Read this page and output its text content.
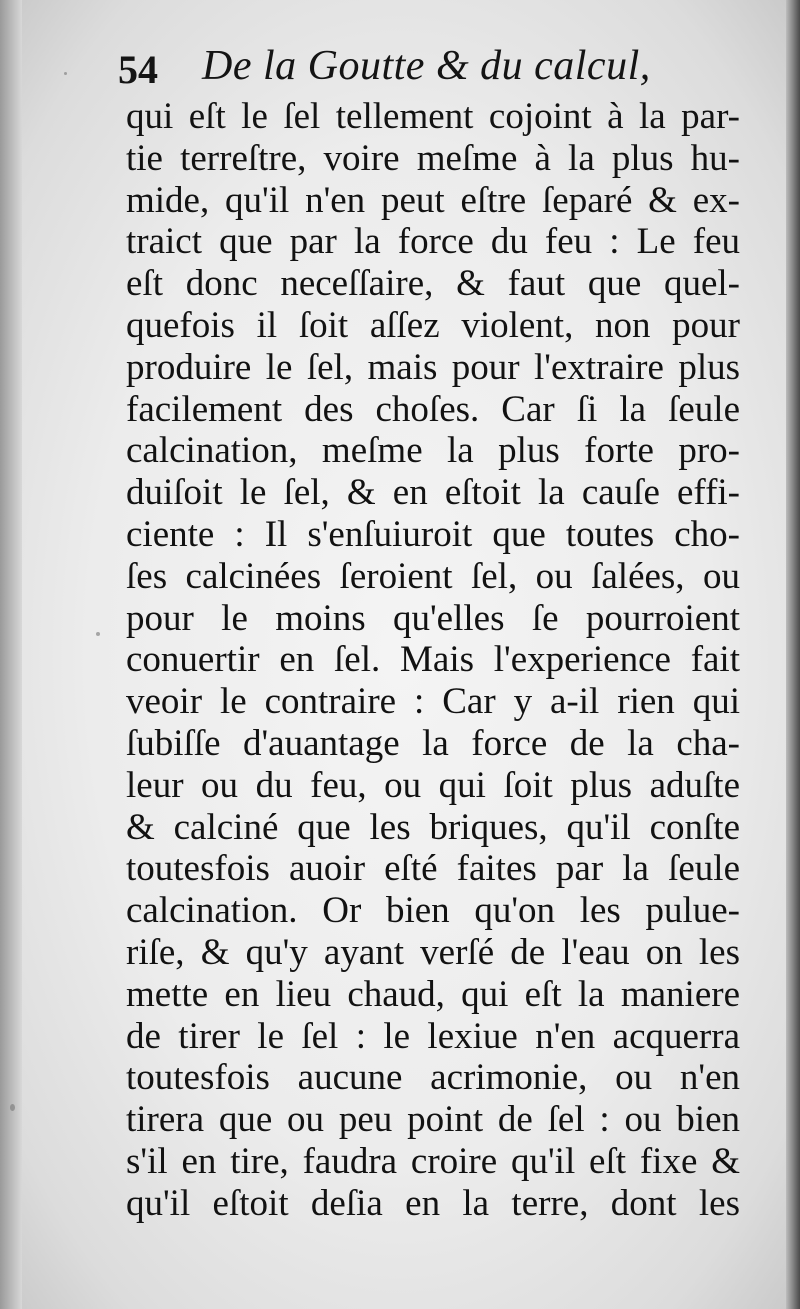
54 De la Goutte & du calcul,
qui eſt le ſel tellement cojoint à la par-
tie terreſtre, voire meſme à la plus hu-
mide, qu'il n'en peut eſtre ſeparé & ex-
traict que par la force du feu : Le feu
eſt donc neceſſaire, & faut que quel-
quefois il ſoit aſſez violent, non pour
produire le ſel, mais pour l'extraire plus
facilement des choſes. Car ſi la ſeule
calcination, meſme la plus forte pro-
duiſoit le ſel, & en eſtoit la cauſe effi-
ciente : Il s'enſuiuroit que toutes cho-
ſes calcinées ſeroient ſel, ou ſalées, ou
pour le moins qu'elles ſe pourroient
conuertir en ſel. Mais l'experience fait
veoir le contraire : Car y a-il rien qui
ſubiſſe d'auantage la force de la cha-
leur ou du feu, ou qui ſoit plus aduſte
& calciné que les briques, qu'il conſte
toutesfois auoir eſté faites par la ſeule
calcination. Or bien qu'on les pulue-
riſe, & qu'y ayant verſé de l'eau on les
mette en lieu chaud, qui eſt la maniere
de tirer le ſel : le lexiue n'en acquerra
toutesfois aucune acrimonie, ou n'en
tirera que ou peu point de ſel : ou bien
s'il en tire, faudra croire qu'il eſt fixe &
qu'il eſtoit deſia en la terre, dont les
